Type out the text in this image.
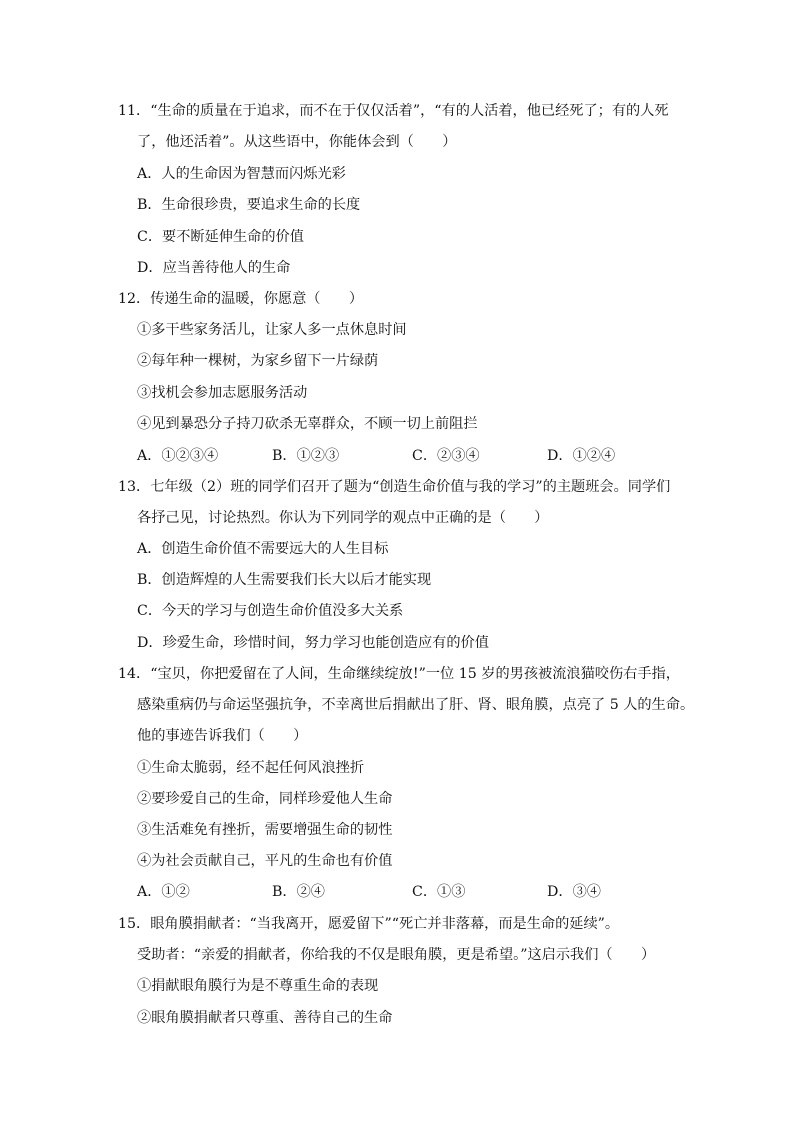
11．“生命的质量在于追求，而不在于仅仅活着”，“有的人活着，他已经死了；有的人死
了，他还活着”。从这些语中，你能体会到（　　）
A．人的生命因为智慧而闪烁光彩
B．生命很珍贵，要追求生命的长度
C．要不断延伸生命的价值
D．应当善待他人的生命
12．传递生命的温暖，你愿意（　　）
①多干些家务活儿，让家人多一点休息时间
②每年种一棵树，为家乡留下一片绿荫
③找机会参加志愿服务活动
④见到暴恐分子持刀砍杀无辜群众，不顾一切上前阻拦
A．①②③④	B．①②③	C．②③④	D．①②④
13．七年级（2）班的同学们召开了题为“创造生命价值与我的学习”的主题班会。同学们
各抒己见，讨论热烈。你认为下列同学的观点中正确的是（　　）
A．创造生命价值不需要远大的人生目标
B．创造辉煌的人生需要我们长大以后才能实现
C．今天的学习与创造生命价值没多大关系
D．珍爱生命，珍惜时间，努力学习也能创造应有的价值
14．“宝贝，你把爱留在了人间，生命继续绽放!”一位 15 岁的男孩被流浪猫咬伤右手指，
感染重病仍与命运坚强抗争，不幸离世后捐献出了肝、肾、眼角膜，点亮了 5 人的生命。
他的事迹告诉我们（　　）
①生命太脆弱，经不起任何风浪挫折
②要珍爱自己的生命，同样珍爱他人生命
③生活难免有挫折，需要增强生命的韧性
④为社会贡献自己，平凡的生命也有价值
A．①②	B．②④	C．①③	D．③④
15．眼角膜捐献者：“当我离开，愿爱留下”“死亡并非落幕，而是生命的延续”。
受助者：“亲爱的捐献者，你给我的不仅是眼角膜，更是希望。”这启示我们（　　）
①捐献眼角膜行为是不尊重生命的表现
②眼角膜捐献者只尊重、善待自己的生命
